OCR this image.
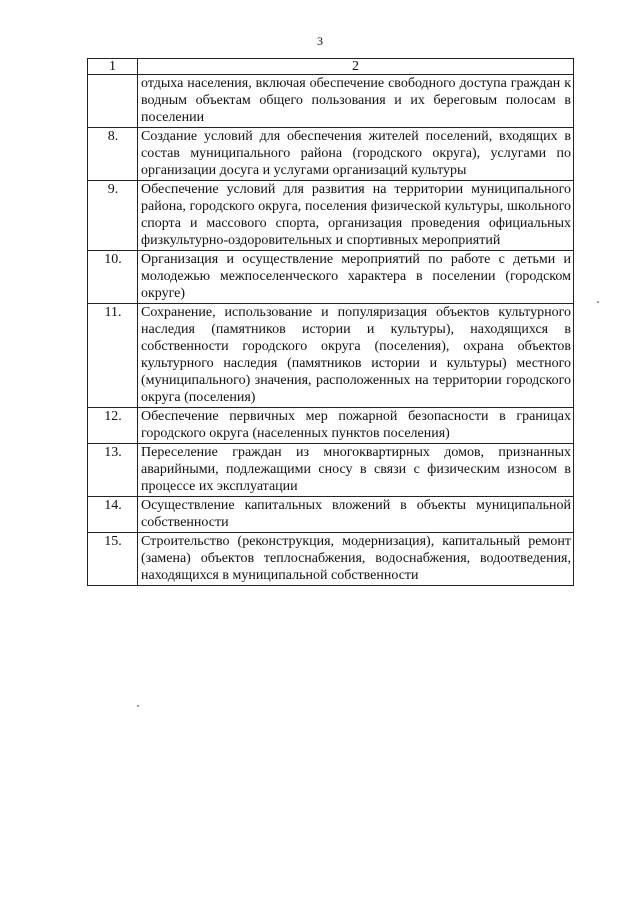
3
1	2
	отдыха населения, включая обеспечение свободного доступа граждан к водным объектам общего пользования и их береговым полосам в поселении
8.	Создание условий для обеспечения жителей поселений, входящих в состав муниципального района (городского округа), услугами по организации досуга и услугами организаций культуры
9.	Обеспечение условий для развития на территории муниципального района, городского округа, поселения физической культуры, школьного спорта и массового спорта, организация проведения официальных физкультурно-оздоровительных и спортивных мероприятий
10.	Организация и осуществление мероприятий по работе с детьми и молодежью межпоселенческого характера в поселении (городском округе)
11.	Сохранение, использование и популяризация объектов культурного наследия (памятников истории и культуры), находящихся в собственности городского округа (поселения), охрана объектов культурного наследия (памятников истории и культуры) местного (муниципального) значения, расположенных на территории городского округа (поселения)
12.	Обеспечение первичных мер пожарной безопасности в границах городского округа (населенных пунктов поселения)
13.	Переселение граждан из многоквартирных домов, признанных аварийными, подлежащими сносу в связи с физическим износом в процессе их эксплуатации
14.	Осуществление капитальных вложений в объекты муниципальной собственности
15.	Строительство (реконструкция, модернизация), капитальный ремонт (замена) объектов теплоснабжения, водоснабжения, водоотведения, находящихся в муниципальной собственности
